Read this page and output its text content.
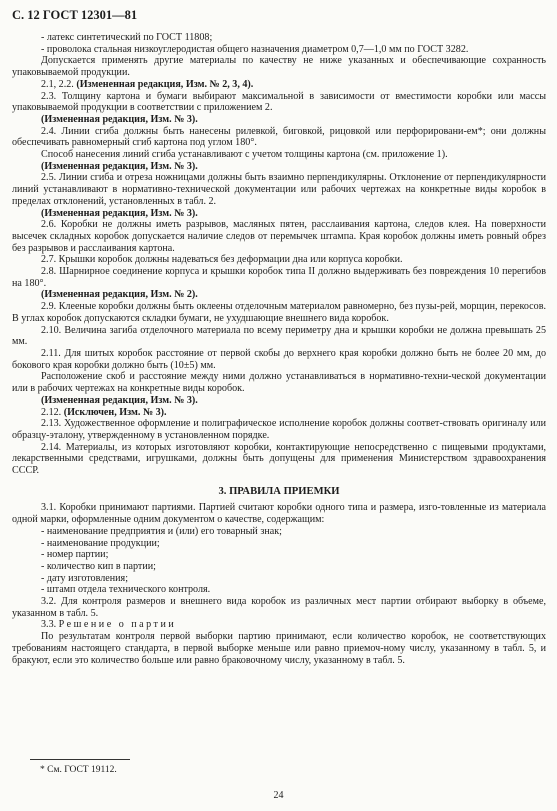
С. 12 ГОСТ 12301—81

- латекс синтетический по ГОСТ 11808;

- проволока стальная низкоуглеродистая общего назначения диаметром 0,7—1,0 мм по ГОСТ 3282.

Допускается применять другие материалы по качеству не ниже указанных и обеспечивающие сохранность упаковываемой продукции.

2.1, 2.2. (Измененная редакция, Изм. № 2, 3, 4).

2.3. Толщину картона и бумаги выбирают максимальной в зависимости от вместимости коробки или массы упаковываемой продукции в соответствии с приложением 2.

(Измененная редакция, Изм. № 3).

2.4. Линии сгиба должны быть нанесены рилевкой, биговкой, рицовкой или перфорировани-ем*; они должны обеспечивать равномерный сгиб картона под углом 180°.

Способ нанесения линий сгиба устанавливают с учетом толщины картона (см. приложение 1).

(Измененная редакция, Изм. № 3).

2.5. Линии сгиба и отреза ножницами должны быть взаимно перпендикулярны. Отклонение от перпендикулярности линий устанавливают в нормативно-технической документации или рабочих чертежах на конкретные виды коробок в пределах отклонений, установленных в табл. 2.

(Измененная редакция, Изм. № 3).

2.6. Коробки не должны иметь разрывов, масляных пятен, расслаивания картона, следов клея. На поверхности высечек складных коробок допускается наличие следов от перемычек штампа. Края коробок должны иметь ровный обрез без разрывов и расслаивания картона.

2.7. Крышки коробок должны надеваться без деформации дна или корпуса коробки.

2.8. Шарнирное соединение корпуса и крышки коробок типа II должно выдерживать без повреждения 10 перегибов на 180°.

(Измененная редакция, Изм. № 2).

2.9. Клееные коробки должны быть оклеены отделочным материалом равномерно, без пузы-рей, морщин, перекосов. В углах коробок допускаются складки бумаги, не ухудшающие внешнего вида коробок.

2.10. Величина загиба отделочного материала по всему периметру дна и крышки коробки не должна превышать 25 мм.

2.11. Для шитых коробок расстояние от первой скобы до верхнего края коробки должно быть не более 20 мм, до бокового края коробки должно быть (10±5) мм.

Расположение скоб и расстояние между ними должно устанавливаться в нормативно-техни-ческой документации или в рабочих чертежах на конкретные виды коробок.

(Измененная редакция, Изм. № 3).

2.12. (Исключен, Изм. № 3).

2.13. Художественное оформление и полиграфическое исполнение коробок должны соответ-ствовать оригиналу или образцу-эталону, утвержденному в установленном порядке.

2.14. Материалы, из которых изготовляют коробки, контактирующие непосредственно с пищевыми продуктами, лекарственными средствами, игрушками, должны быть допущены для применения Министерством здравоохранения СССР.

3. ПРАВИЛА ПРИЕМКИ

3.1. Коробки принимают партиями. Партией считают коробки одного типа и размера, изго-товленные из материала одной марки, оформленные одним документом о качестве, содержащим:

- наименование предприятия и (или) его товарный знак;

- наименование продукции;

- номер партии;

- количество кип в партии;

- дату изготовления;

- штамп отдела технического контроля.

3.2. Для контроля размеров и внешнего вида коробок из различных мест партии отбирают выборку в объеме, указанном в табл. 5.

3.3. Решение о партии

По результатам контроля первой выборки партию принимают, если количество коробок, не соответствующих требованиям настоящего стандарта, в первой выборке меньше или равно приемоч-ному числу, указанному в табл. 5, и бракуют, если это количество больше или равно браковочному числу, указанному в табл. 5.

* См. ГОСТ 19112.
24
